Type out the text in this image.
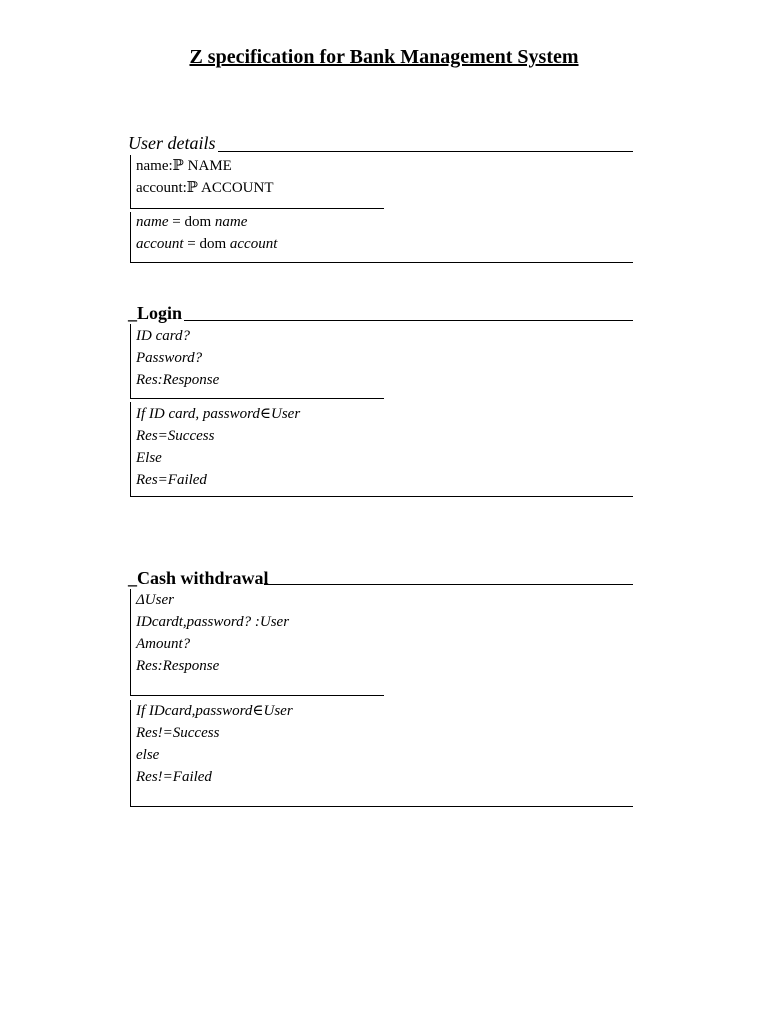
Z specification for Bank Management System
User details
name:ℙ NAME
account:ℙ ACCOUNT
name = dom name
account = dom account
_Login
ID card?
Password?
Res:Response
If ID card, password∈User
Res=Success
Else
Res=Failed
_Cash withdrawal
ΔUser
IDcardt,password? :User
Amount?
Res:Response
If IDcard,password∈User
Res!=Success
else
Res!=Failed
